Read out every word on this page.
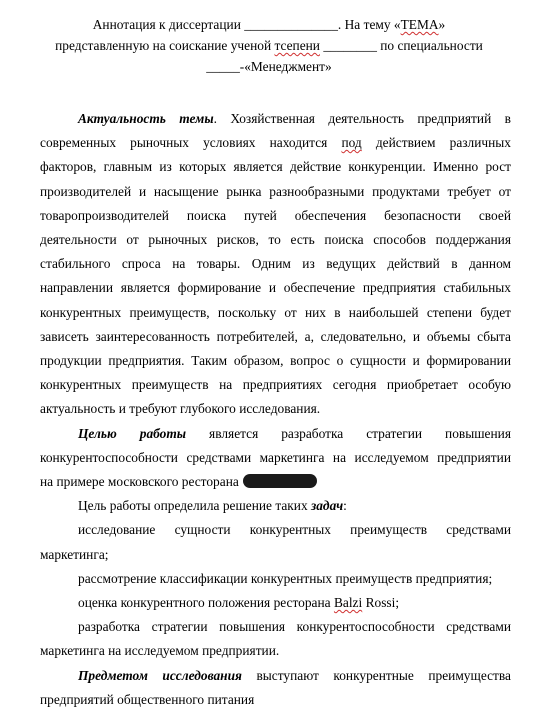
Аннотация к диссертации ______________. На тему «ТЕМА»
представленную на соискание ученой тсепени ________ по специальности
_____-«Менеджмент»

Актуальность темы. Хозяйственная деятельность предприятий в
современных рыночных условиях находится под действием различных
факторов, главным из которых является действие конкуренции. Именно рост
производителей и насыщение рынка разнообразными продуктами требует от
товаропроизводителей поиска путей обеспечения безопасности своей
деятельности от рыночных рисков, то есть поиска способов поддержания
стабильного спроса на товары. Одним из ведущих действий в данном
направлении является формирование и обеспечение предприятия стабильных
конкурентных преимуществ, поскольку от них в наибольшей степени будет
зависеть заинтересованность потребителей, а, следовательно, и объемы сбыта
продукции предприятия. Таким образом, вопрос о сущности и формировании
конкурентных преимуществ на предприятиях сегодня приобретает особую

актуальность и требуют глубокого исследования.

Целью работы является разработка стратегии повышения
конкурентоспособности средствами маркетинга на исследуемом предприятии

на примере московского ресторана

Цель работы определила решение таких задач:

исследование сущности конкурентных преимуществ средствами

маркетинга;

рассмотрение классификации конкурентных преимуществ предприятия;

оценка конкурентного положения ресторана Balzi Rossi;

разработка стратегии повышения конкурентоспособности средствами

маркетинга на исследуемом предприятии.

Предметом исследования выступают конкурентные преимущества

предприятий общественного питания
